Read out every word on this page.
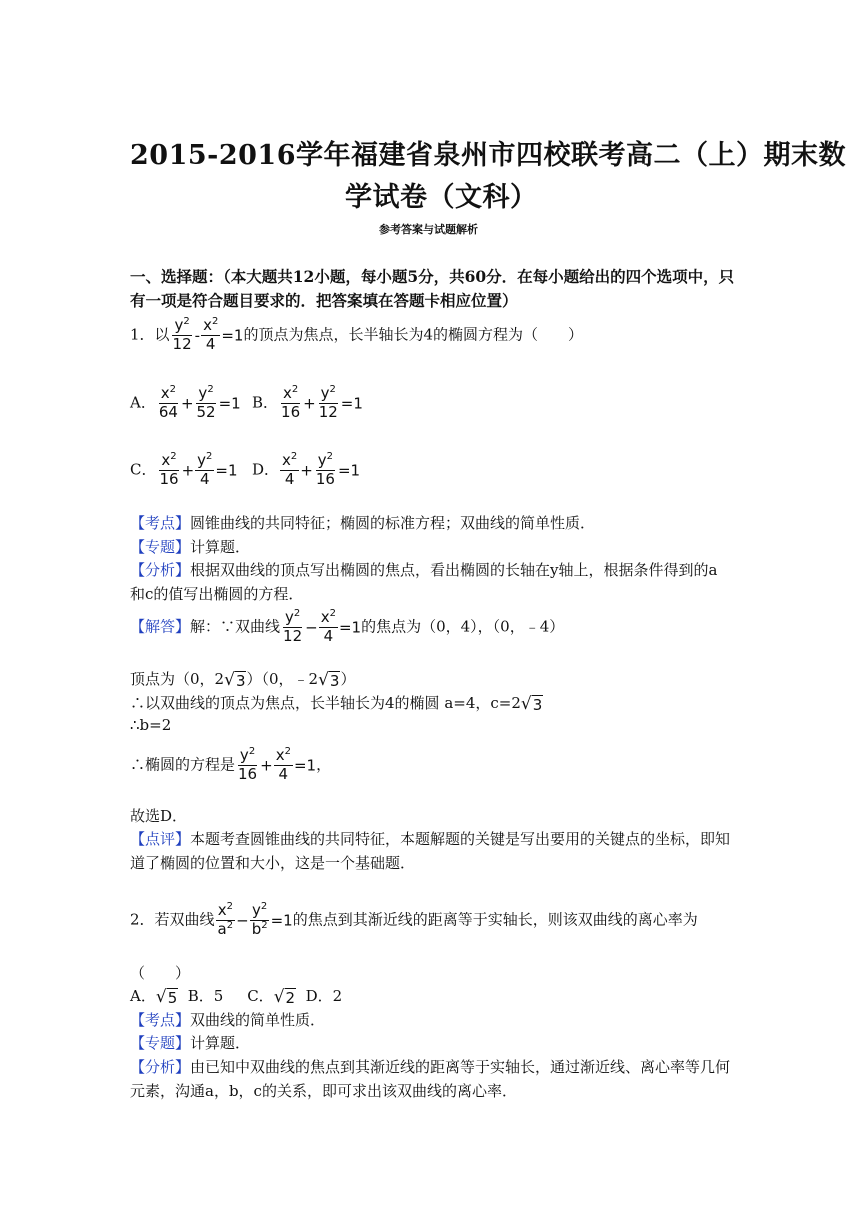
2015-2016学年福建省泉州市四校联考高二（上）期末数
学试卷（文科）
参考答案与试题解析
一、选择题：（本大题共12小题，每小题5分，共60分．在每小题给出的四个选项中，只
有一项是符合题目要求的．把答案填在答题卡相应位置）
1．以 $\frac{y^2}{12} - \frac{x^2}{4} =1$的顶点为焦点，长半轴长为4的椭圆方程为（　　）
A． $\frac{x^2}{64} + \frac{y^2}{52} =1$ B． $\frac{x^2}{16} + \frac{y^2}{12} =1$
C． $\frac{x^2}{16} + \frac{y^2}{4} =1$ D． $\frac{x^2}{4} + \frac{y^2}{16} =1$
【考点】圆锥曲线的共同特征；椭圆的标准方程；双曲线的简单性质．
【专题】计算题．
【分析】根据双曲线的顶点写出椭圆的焦点，看出椭圆的长轴在y轴上，根据条件得到的a
和c的值写出椭圆的方程．
【解答】解：∵双曲线 $\frac{y^2}{12} - \frac{x^2}{4} =1$的焦点为（0，4），（0，﹣4）
顶点为（0，2 √ 3 ）（0，﹣2 √ 3 ）
∴以双曲线的顶点为焦点，长半轴长为4的椭圆 a=4，c=2 √ 3
∴b=2
∴椭圆的方程是 $\frac{y^2}{16} + \frac{x^2}{4} =1$，
故选D．
【点评】本题考查圆锥曲线的共同特征，本题解题的关键是写出要用的关键点的坐标，即知
道了椭圆的位置和大小，这是一个基础题．
2．若双曲线 $\frac{x^2}{a^2} - \frac{y^2}{b^2} =1$的焦点到其渐近线的距离等于实轴长，则该双曲线的离心率为
（　　）
A． √ 5 B．5 C． √ 2 D．2
【考点】双曲线的简单性质．
【专题】计算题．
【分析】由已知中双曲线的焦点到其渐近线的距离等于实轴长，通过渐近线、离心率等几何
元素，沟通a，b，c的关系，即可求出该双曲线的离心率．
